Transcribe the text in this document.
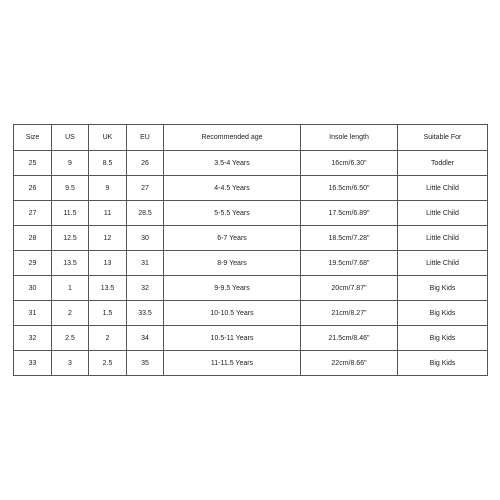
Size	US	UK	EU	Recommended age	Insole length	Suitable For
25	9	8.5	26	3.5-4 Years	16cm/6.30"	Toddler
26	9.5	9	27	4-4.5 Years	16.5cm/6.50"	Little Child
27	11.5	11	28.5	5-5.5 Years	17.5cm/6.89"	Little Child
28	12.5	12	30	6-7 Years	18.5cm/7.28"	Little Child
29	13.5	13	31	8-9 Years	19.5cm/7.68"	Little Child
30	1	13.5	32	9-9.5 Years	20cm/7.87"	Big Kids
31	2	1.5	33.5	10-10.5 Years	21cm/8.27"	Big Kids
32	2.5	2	34	10.5-11 Years	21.5cm/8.46"	Big Kids
33	3	2.5	35	11-11.5 Years	22cm/8.66"	Big Kids
